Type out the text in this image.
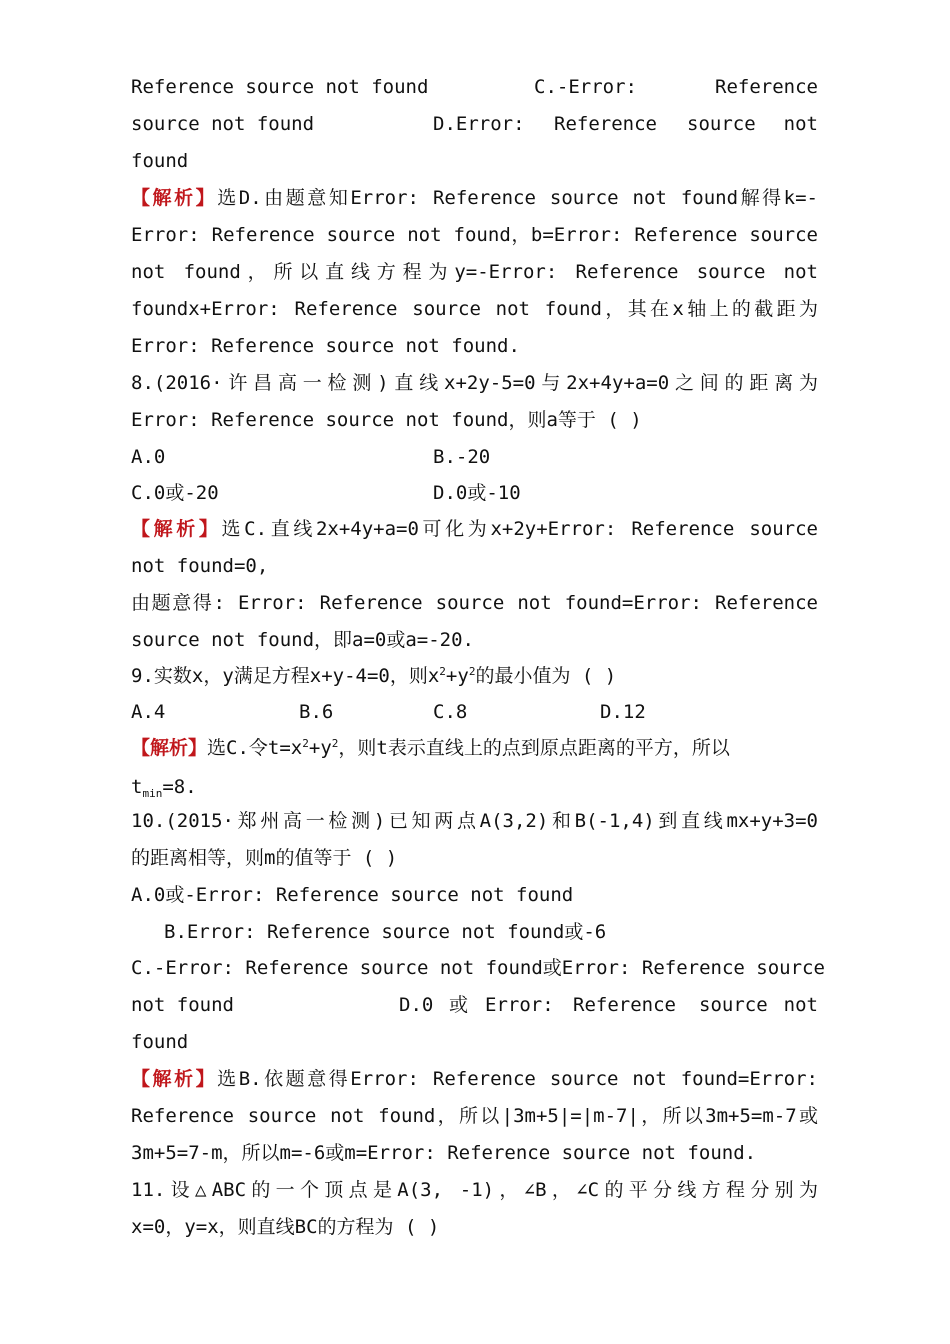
Reference source not found	C.-Error:	Reference
source not found	D.Error: Reference source not
found
【解析】选D.由题意知Error: Reference source not found解得k=-
Error: Reference source not found，b=Error: Reference source
not found，所以直线方程为y=-Error: Reference source not
foundx+Error: Reference source not found，其在x轴上的截距为
Error: Reference source not found.
8.(2016·许昌高一检测)直线x+2y-5=0与2x+4y+a=0之间的距离为
Error: Reference source not found，则a等于 ( )
A.0	B.-20
C.0或-20	D.0或-10
【解析】选C.直线2x+4y+a=0可化为x+2y+Error: Reference source
not found=0,
由题意得: Error: Reference source not found=Error: Reference
source not found，即a=0或a=-20.
9.实数x，y满足方程x+y-4=0，则$x^2+y^2$的最小值为 ( )
A.4	B.6	C.8	D.12
【解析】选C.令$t=x^2+y^2$，则t表示直线上的点到原点距离的平方，所以
$t_{min}=8$.
10.(2015·郑州高一检测)已知两点A(3,2)和B(-1,4)到直线mx+y+3=0
的距离相等，则m的值等于 ( )
A.0或-Error: Reference source not found
B.Error: Reference source not found或-6
C.-Error: Reference source not found或Error: Reference source
not found	D.0 或 Error: Reference source not
found
【解析】选B.依题意得Error: Reference source not found=Error:
Reference source not found，所以|3m+5|=|m-7|，所以3m+5=m-7或
3m+5=7-m，所以m=-6或m=Error: Reference source not found.
11.设△ABC的一个顶点是A(3, -1)，∠B，∠C的平分线方程分别为
x=0，y=x，则直线BC的方程为 ( )
